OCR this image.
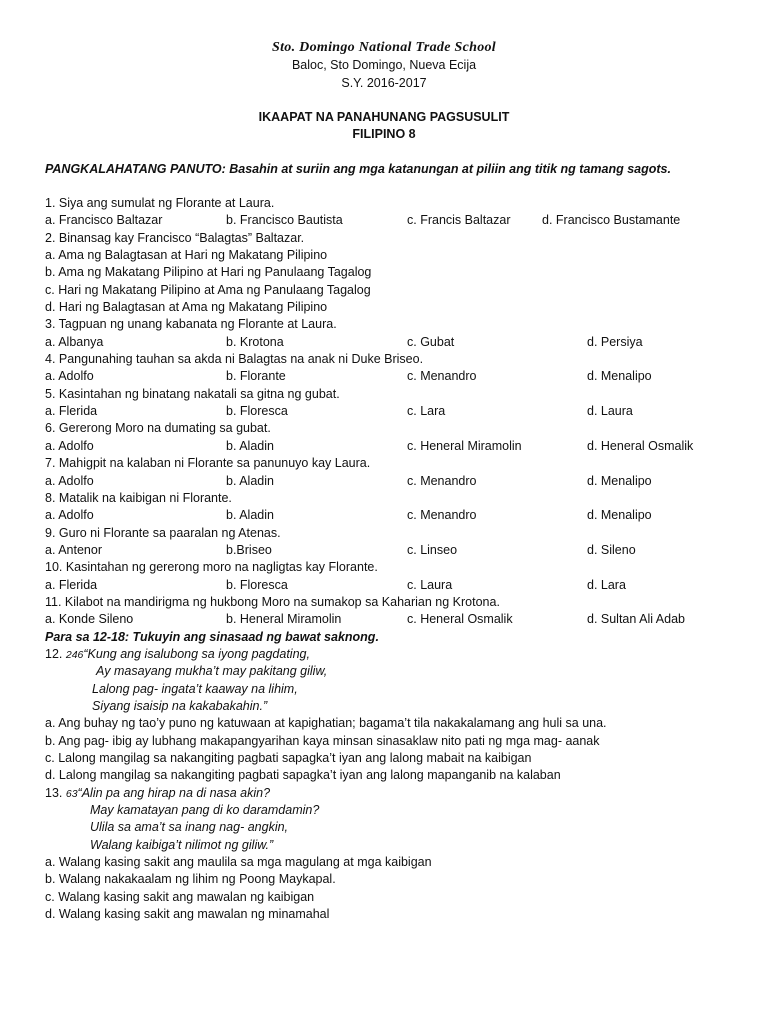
Sto. Domingo National Trade School
Baloc, Sto Domingo, Nueva Ecija
S.Y. 2016-2017
IKAAPAT NA PANAHUNANG PAGSUSULIT
FILIPINO 8
PANGKALAHATANG PANUTO: Basahin at suriin ang mga katanungan at piliin ang titik ng tamang sagots.
1. Siya ang sumulat ng Florante at Laura.
a. Francisco Baltazar	b. Francisco Bautista	c. Francis Baltazar	d. Francisco Bustamante
2. Binansag kay Francisco “Balagtas” Baltazar.
a. Ama ng Balagtasan at Hari ng Makatang Pilipino
b. Ama ng Makatang Pilipino at Hari ng Panulaang Tagalog
c. Hari ng Makatang Pilipino at Ama ng Panulaang Tagalog
d. Hari ng Balagtasan at Ama ng Makatang Pilipino
3. Tagpuan ng unang kabanata ng Florante at Laura.
a. Albanya	b. Krotona	c. Gubat	d. Persiya
4. Pangunahing tauhan sa akda ni Balagtas na anak ni Duke Briseo.
a. Adolfo	b. Florante	c. Menandro	d. Menalipo
5. Kasintahan ng binatang nakatali sa gitna ng gubat.
a. Flerida	b. Floresca	c. Lara	d. Laura
6. Gererong Moro na dumating sa gubat.
a. Adolfo	b. Aladin	c. Heneral Miramolin	d. Heneral Osmalik
7. Mahigpit na kalaban ni Florante sa panunuyo kay Laura.
a. Adolfo	b. Aladin	c. Menandro	d. Menalipo
8. Matalik na kaibigan ni Florante.
a. Adolfo	b. Aladin	c. Menandro	d. Menalipo
9. Guro ni Florante sa paaralan ng Atenas.
a. Antenor	b.Briseo	c. Linseo	d. Sileno
10. Kasintahan ng gererong moro na nagligtas kay Florante.
a. Flerida	b. Floresca	c. Laura	d. Lara
11. Kilabot na mandirigma ng hukbong Moro na sumakop sa Kaharian ng Krotona.
a. Konde Sileno	b. Heneral Miramolin	c. Heneral Osmalik	d. Sultan Ali Adab
Para sa 12-18: Tukuyin ang sinasaad ng bawat saknong.
12. 246“Kung ang isalubong sa iyong pagdating,
Ay masayang mukha’t may pakitang giliw,
Lalong pag- ingata’t kaaway na lihim,
Siyang isaisip na kakabakahin.”
a. Ang buhay ng tao’y puno ng katuwaan at kapighatian; bagama’t tila nakakalamang ang huli sa una.
b. Ang pag- ibig ay lubhang makapangyarihan kaya minsan sinasaklaw nito pati ng mga mag- aanak
c. Lalong mangilag sa nakangiting pagbati sapagka’t iyan ang lalong mabait na kaibigan
d. Lalong mangilag sa nakangiting pagbati sapagka’t iyan ang lalong mapanganib na kalaban
13. 63“Alin pa ang hirap na di nasa akin?
May kamatayan pang di ko daramdamin?
Ulila sa ama’t sa inang nag- angkin,
Walang kaibiga’t nilimot ng giliw.”
a. Walang kasing sakit ang maulila sa mga magulang at mga kaibigan
b. Walang nakakaalam ng lihim ng Poong Maykapal.
c. Walang kasing sakit ang mawalan ng kaibigan
d. Walang kasing sakit ang mawalan ng minamahal
